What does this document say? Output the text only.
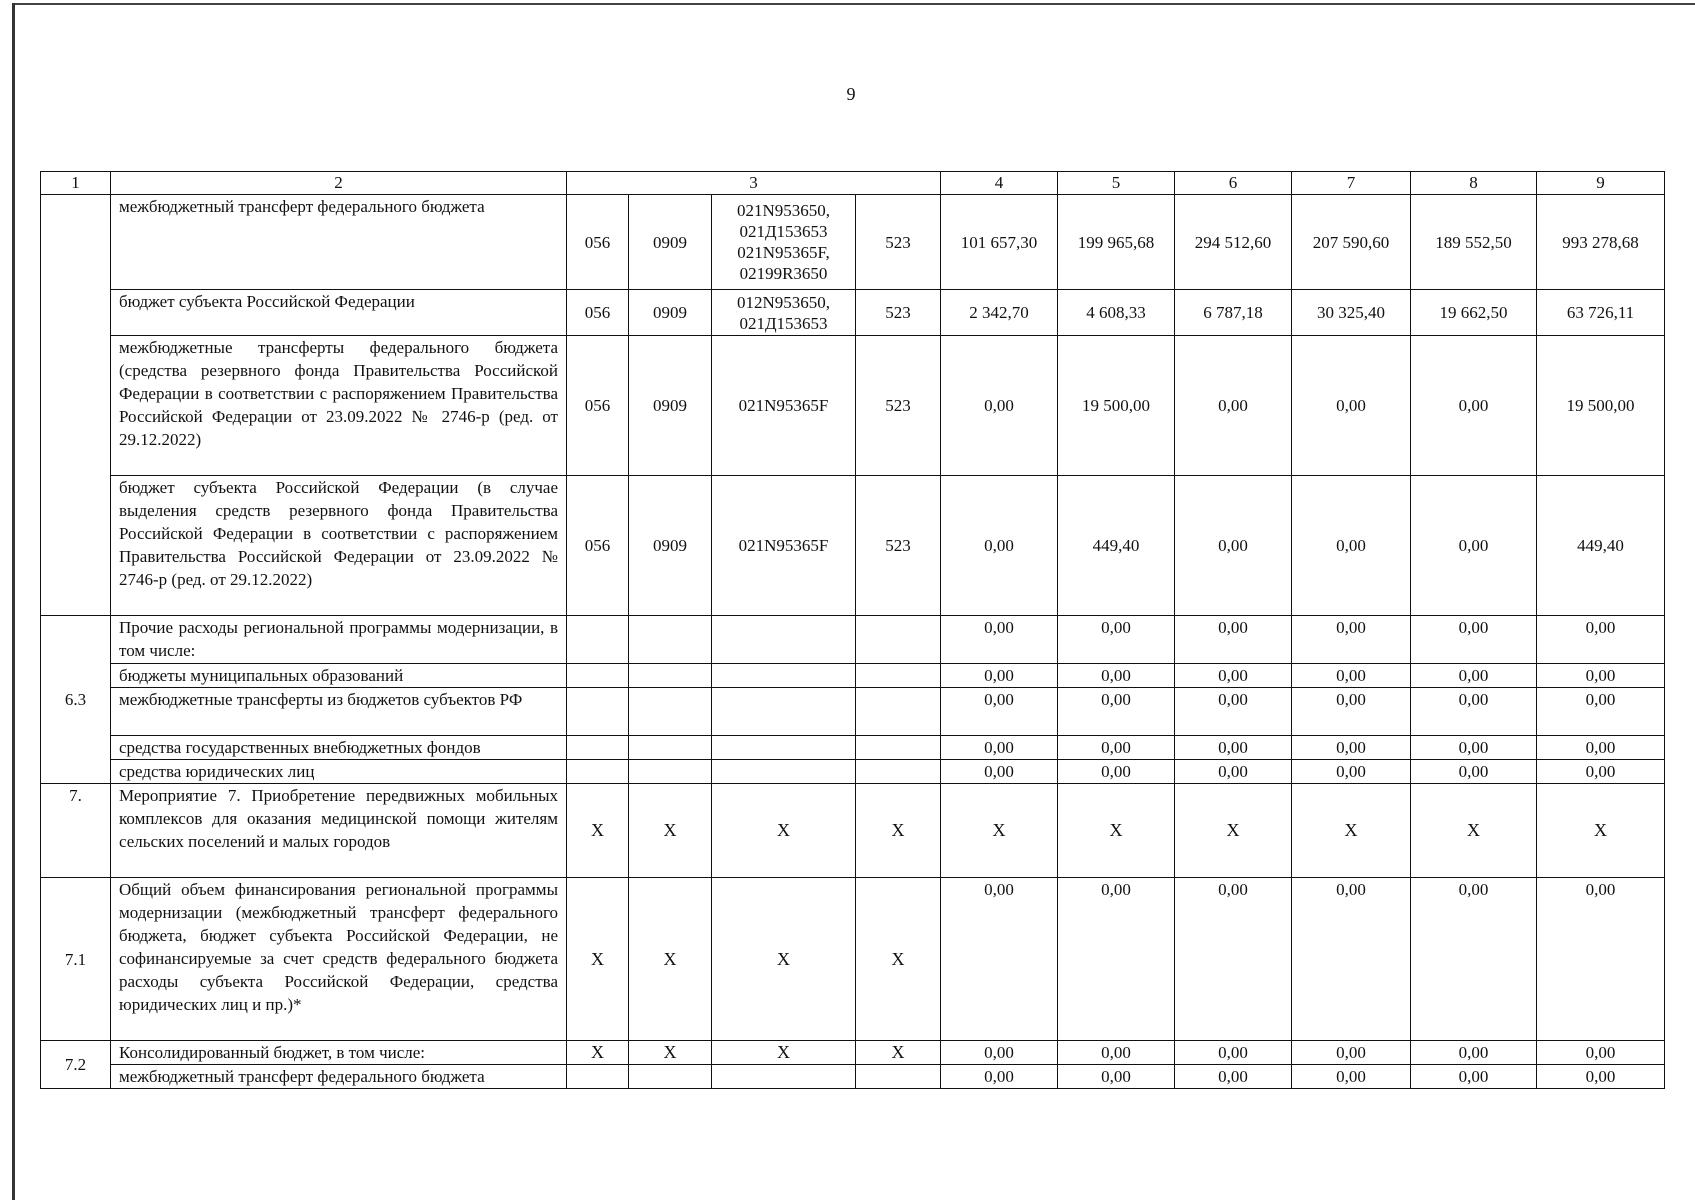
9
1	2	3				4	5	6	7	8	9
	межбюджетный трансферт федерального бюджета	056	0909	021N953650, 021Д153653 021N95365F, 02199R3650	523	101 657,30	199 965,68	294 512,60	207 590,60	189 552,50	993 278,68
	бюджет субъекта Российской Федерации	056	0909	012N953650, 021Д153653	523	2 342,70	4 608,33	6 787,18	30 325,40	19 662,50	63 726,11
	межбюджетные трансферты федерального бюджета (средства резервного фонда Правительства Российской Федерации в соответствии с распоряжением Правительства Российской Федерации от 23.09.2022 № 2746-р (ред. от 29.12.2022)	056	0909	021N95365F	523	0,00	19 500,00	0,00	0,00	0,00	19 500,00
	бюджет субъекта Российской Федерации (в случае выделения средств резервного фонда Правительства Российской Федерации в соответствии с распоряжением Правительства Российской Федерации от 23.09.2022 № 2746-р (ред. от 29.12.2022)	056	0909	021N95365F	523	0,00	449,40	0,00	0,00	0,00	449,40
6.3	Прочие расходы региональной программы модернизации, в том числе:					0,00	0,00	0,00	0,00	0,00	0,00
	бюджеты муниципальных образований					0,00	0,00	0,00	0,00	0,00	0,00
	межбюджетные трансферты из бюджетов субъектов РФ					0,00	0,00	0,00	0,00	0,00	0,00
	средства государственных внебюджетных фондов					0,00	0,00	0,00	0,00	0,00	0,00
	средства юридических лиц					0,00	0,00	0,00	0,00	0,00	0,00
7.	Мероприятие 7. Приобретение передвижных мобильных комплексов для оказания медицинской помощи жителям сельских поселений и малых городов	Х	Х	Х	Х	Х	Х	Х	Х	Х	Х
7.1	Общий объем финансирования региональной программы модернизации (межбюджетный трансферт федерального бюджета, бюджет субъекта Российской Федерации, не софинансируемые за счет средств федерального бюджета расходы субъекта Российской Федерации, средства юридических лиц и пр.)*	Х	Х	Х	Х	0,00	0,00	0,00	0,00	0,00	0,00
7.2	Консолидированный бюджет, в том числе:	Х	Х	Х	Х	0,00	0,00	0,00	0,00	0,00	0,00
	межбюджетный трансферт федерального бюджета					0,00	0,00	0,00	0,00	0,00	0,00
